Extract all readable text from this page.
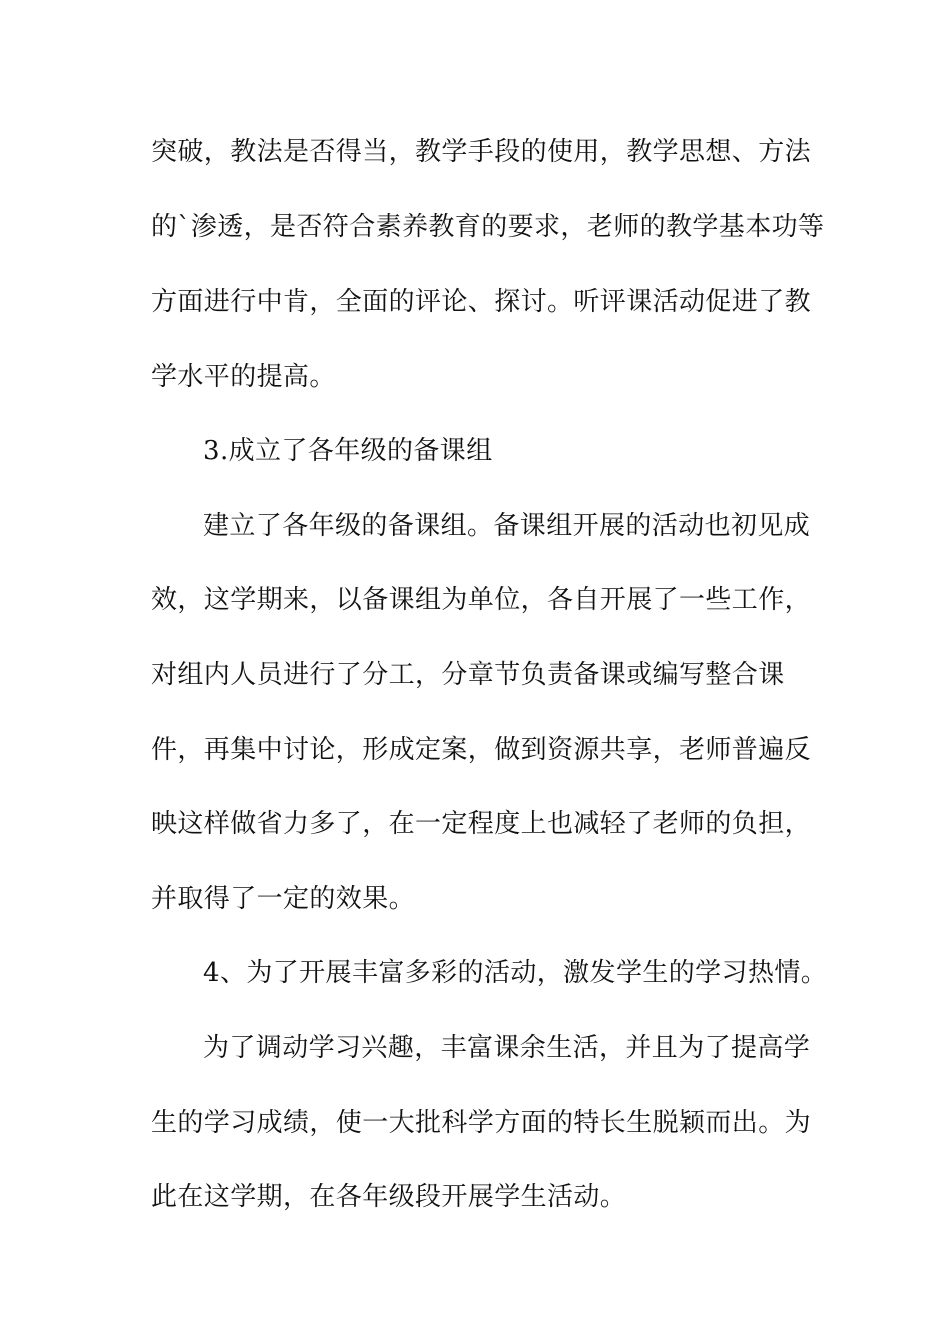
突破，教法是否得当，教学手段的使用，教学思想、方法
的`渗透，是否符合素养教育的要求，老师的教学基本功等
方面进行中肯，全面的评论、探讨。听评课活动促进了教
学水平的提高。
3.成立了各年级的备课组
建立了各年级的备课组。备课组开展的活动也初见成
效，这学期来，以备课组为单位，各自开展了一些工作，
对组内人员进行了分工，分章节负责备课或编写整合课
件，再集中讨论，形成定案，做到资源共享，老师普遍反
映这样做省力多了，在一定程度上也减轻了老师的负担，
并取得了一定的效果。
4、为了开展丰富多彩的活动，激发学生的学习热情。
为了调动学习兴趣，丰富课余生活，并且为了提高学
生的学习成绩，使一大批科学方面的特长生脱颖而出。为
此在这学期，在各年级段开展学生活动。
